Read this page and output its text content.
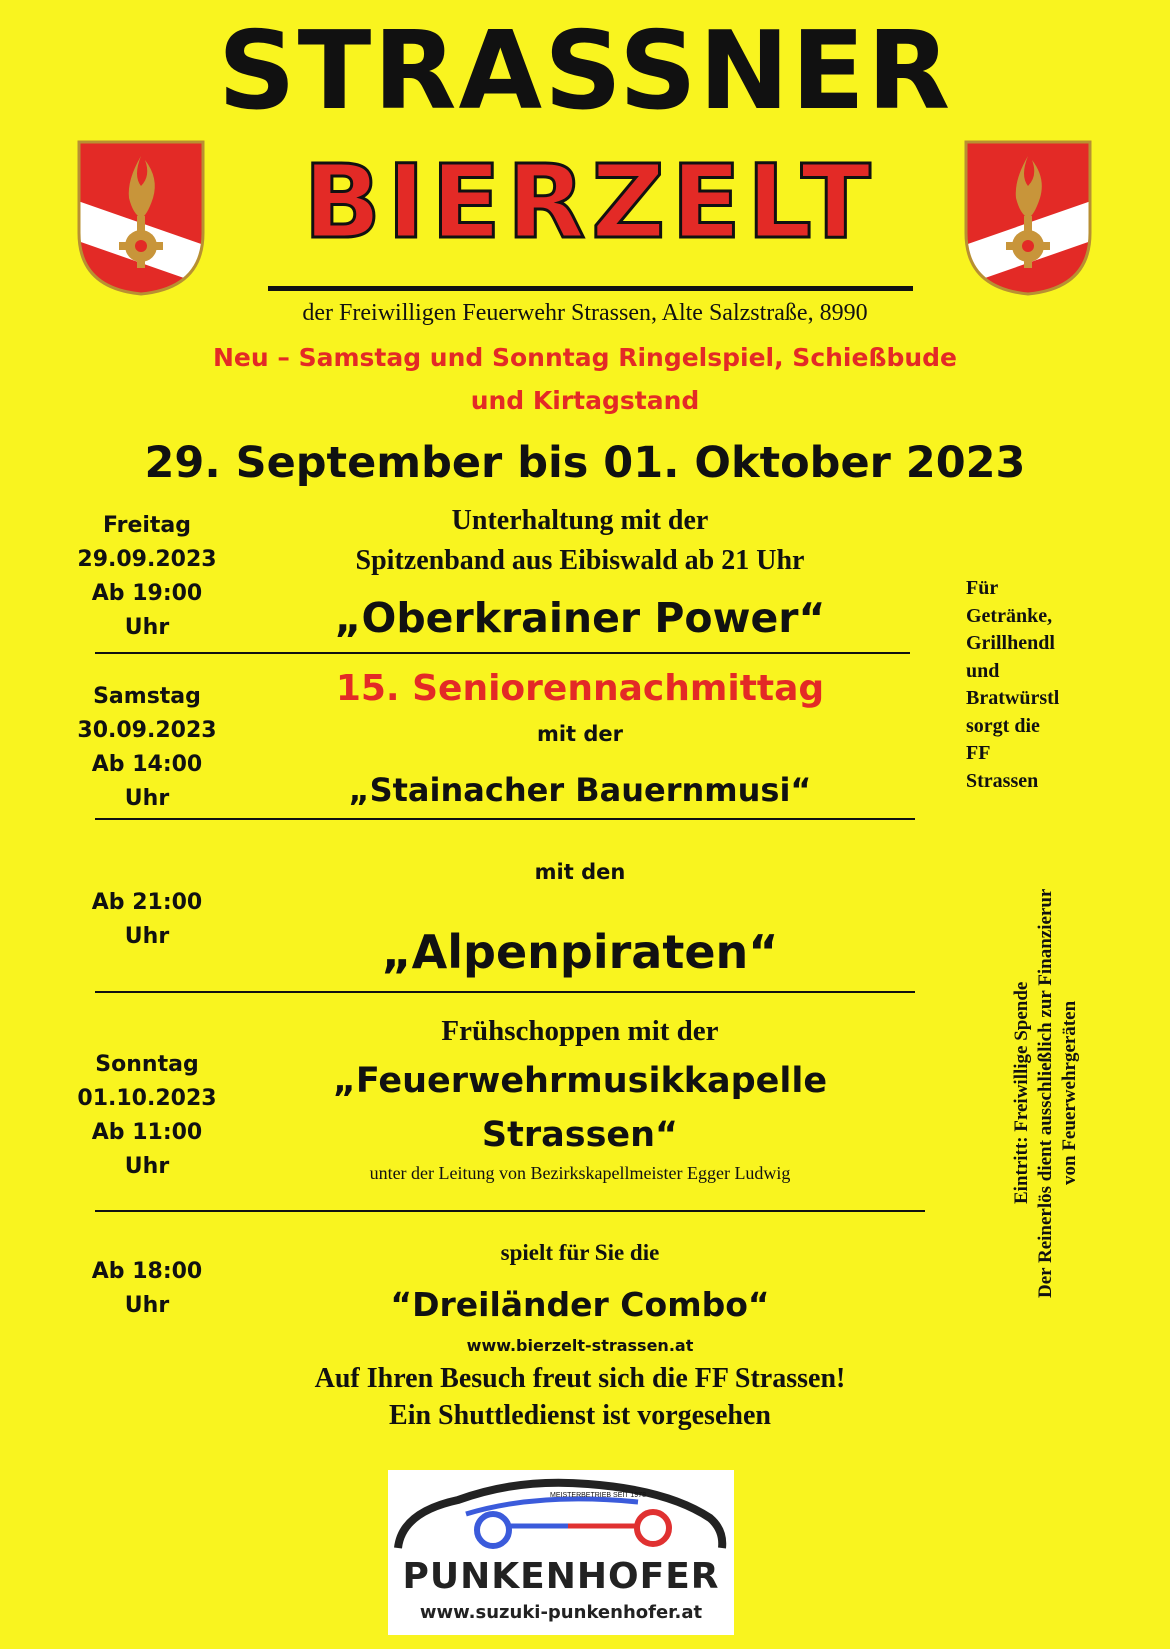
STRASSNER
BIERZELT
der Freiwilligen Feuerwehr Strassen, Alte Salzstraße, 8990
Neu – Samstag und Sonntag Ringelspiel, Schießbude
und Kirtagstand
29. September bis 01. Oktober 2023
Freitag
29.09.2023
Ab 19:00
Uhr
Unterhaltung mit der
Spitzenband aus Eibiswald ab 21 Uhr
„Oberkrainer Power“
Samstag
30.09.2023
Ab 14:00
Uhr
15. Seniorennachmittag
mit der
„Stainacher Bauernmusi“
Ab 21:00
Uhr
mit den
„Alpenpiraten“
Sonntag
01.10.2023
Ab 11:00
Uhr
Frühschoppen mit der
„Feuerwehrmusikkapelle
Strassen“
unter der Leitung von Bezirkskapellmeister Egger Ludwig
Ab 18:00
Uhr
spielt für Sie die
“Dreiländer Combo“
www.bierzelt-strassen.at
Auf Ihren Besuch freut sich die FF Strassen!
Ein Shuttledienst ist vorgesehen
Für
Getränke,
Grillhendl
und
Bratwürstl
sorgt die
FF
Strassen
Eintritt: Freiwillige Spende Der Reinerlös dient ausschließlich zur Finanzierur von Feuerwehrgeräten
MEISTERBETRIEB SEIT 1978
PUNKENHOFER
www.suzuki-punkenhofer.at
